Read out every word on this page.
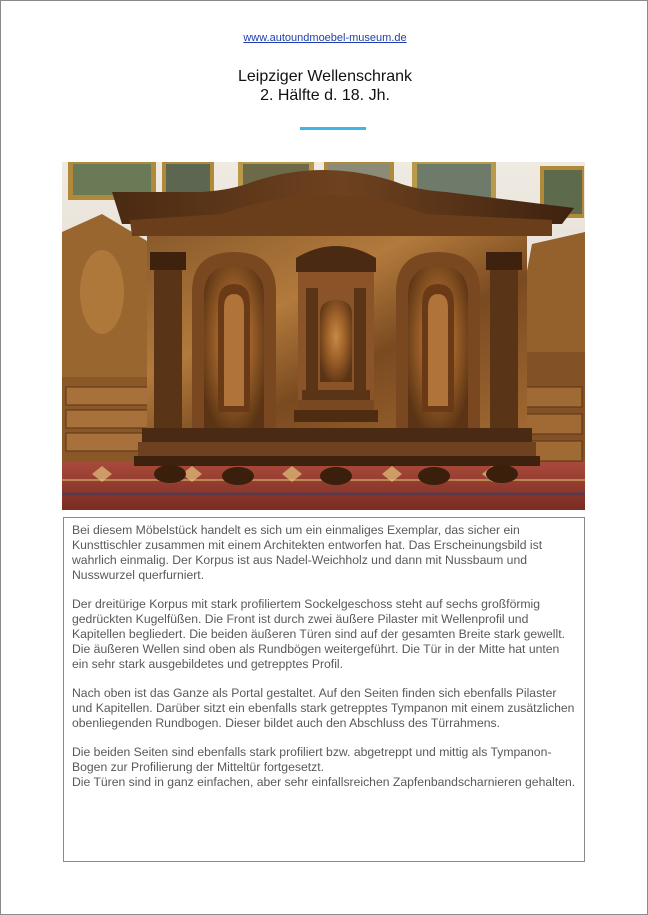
www.autoundmoebel-museum.de
Leipziger Wellenschrank
2. Hälfte d. 18. Jh.

Bei diesem Möbelstück handelt es sich um ein einmaliges Exemplar, das sicher ein Kunsttischler zusammen mit einem Architekten entworfen hat. Das Erscheinungsbild ist wahrlich einmalig. Der Korpus ist aus Nadel-Weichholz und dann mit Nussbaum und Nusswurzel querfurniert.

Der dreitürige Korpus mit stark profiliertem Sockelgeschoss steht auf sechs großförmig gedrückten Kugelfüßen. Die Front ist durch zwei äußere Pilaster mit Wellenprofil und Kapitellen begliedert. Die beiden äußeren Türen sind auf der gesamten Breite stark gewellt. Die äußeren Wellen sind oben als Rundbögen weitergeführt. Die Tür in der Mitte hat unten ein sehr stark ausgebildetes und getrepptes Profil.

Nach oben ist das Ganze als Portal gestaltet. Auf den Seiten finden sich ebenfalls Pilaster und Kapitellen. Darüber sitzt ein ebenfalls stark getrepptes Tympanon mit einem zusätzlichen obenliegenden Rundbogen. Dieser bildet auch den Abschluss des Türrahmens.

Die beiden Seiten sind ebenfalls stark profiliert bzw. abgetreppt und mittig als Tympanon-Bogen zur Profilierung der Mitteltür fortgesetzt.
Die Türen sind in ganz einfachen, aber sehr einfallsreichen Zapfenbandscharnieren gehalten.
